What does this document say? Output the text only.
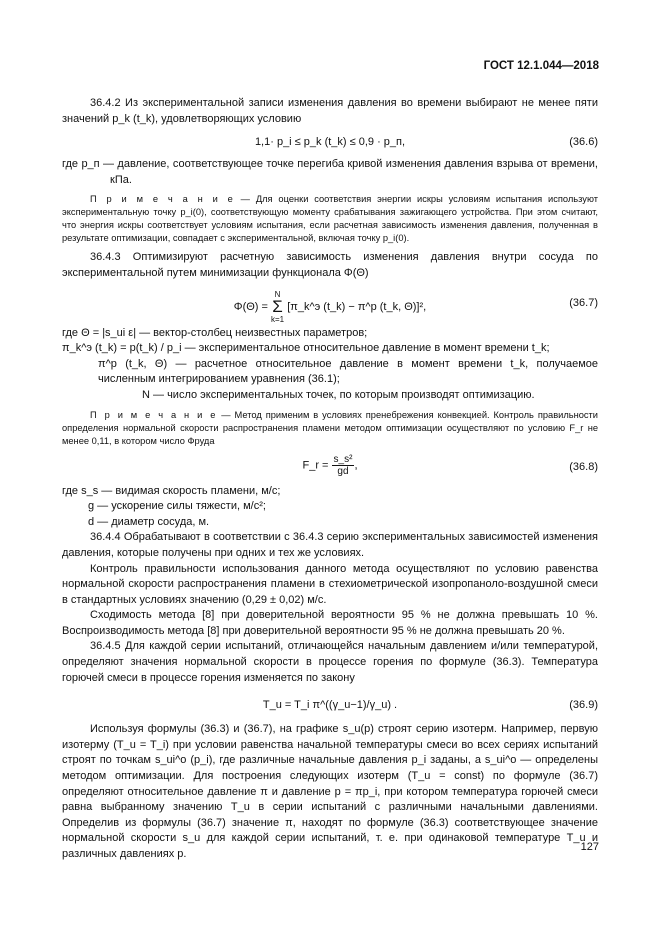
ГОСТ 12.1.044—2018

36.4.2 Из экспериментальной записи изменения давления во времени выбирают не менее пяти значений p_k (t_k), удовлетворяющих условию

1,1· p_i ≤ p_k (t_k) ≤ 0,9 · p_п,	(36.6)

где p_п — давление, соответствующее точке перегиба кривой изменения давления взрыва от времени, кПа.

П р и м е ч а н и е — Для оценки соответствия энергии искры условиям испытания используют экспериментальную точку p_i(0), соответствующую моменту срабатывания зажигающего устройства. При этом считают, что энергия искры соответствует условиям испытания, если расчетная зависимость изменения давления, полученная в результате оптимизации, совпадает с экспериментальной, включая точку p_i(0).

36.4.3 Оптимизируют расчетную зависимость изменения давления внутри сосуда по экспериментальной путем минимизации функционала Φ(Θ)

Φ(Θ) = N
Σ
k=1 [π_k^э (t_k) − π^р (t_k, Θ)]²,	(36.7)

где Θ = |s_ui ε| — вектор-столбец неизвестных параметров;

π_k^э (t_k) = p(t_k) / p_i — экспериментальное относительное давление в момент времени t_k;

π^р (t_k, Θ) — расчетное относительное давление в момент времени t_k, получаемое численным интегрированием уравнения (36.1);

N — число экспериментальных точек, по которым производят оптимизацию.

П р и м е ч а н и е — Метод применим в условиях пренебрежения конвекцией. Контроль правильности определения нормальной скорости распространения пламени методом оптимизации осуществляют по условию F_r не менее 0,11, в котором число Фруда

F_r = $\frac{\text{s\_s²}}{gd}$ ,	(36.8)

где s_s — видимая скорость пламени, м/с;

g — ускорение силы тяжести, м/с²;

d — диаметр сосуда, м.

36.4.4 Обрабатывают в соответствии с 36.4.3 серию экспериментальных зависимостей изменения давления, которые получены при одних и тех же условиях.

Контроль правильности использования данного метода осуществляют по условию равенства нормальной скорости распространения пламени в стехиометрической изопропаноло-воздушной смеси в стандартных условиях значению (0,29 ± 0,02) м/с.

Сходимость метода [8] при доверительной вероятности 95 % не должна превышать 10 %. Воспроизводимость метода [8] при доверительной вероятности 95 % не должна превышать 20 %.

36.4.5 Для каждой серии испытаний, отличающейся начальным давлением и/или температурой, определяют значения нормальной скорости в процессе горения по формуле (36.3). Температура горючей смеси в процессе горения изменяется по закону

T_u = T_i π^((γ_u−1)/γ_u) .	(36.9)

Используя формулы (36.3) и (36.7), на графике s_u(p) строят серию изотерм. Например, первую изотерму (T_u = T_i) при условии равенства начальной температуры смеси во всех сериях испытаний строят по точкам s_ui^o (p_i), где различные начальные давления p_i заданы, а s_ui^o — определены методом оптимизации. Для построения следующих изотерм (T_u = const) по формуле (36.7) определяют относительное давление π и давление p = πp_i, при котором температура горючей смеси равна выбранному значению T_u в серии испытаний с различными начальными давлениями. Определив из формулы (36.7) значение π, находят по формуле (36.3) соответствующее значение нормальной скорости s_u для каждой серии испытаний, т. е. при одинаковой температуре T_u и различных давлениях p.

127
